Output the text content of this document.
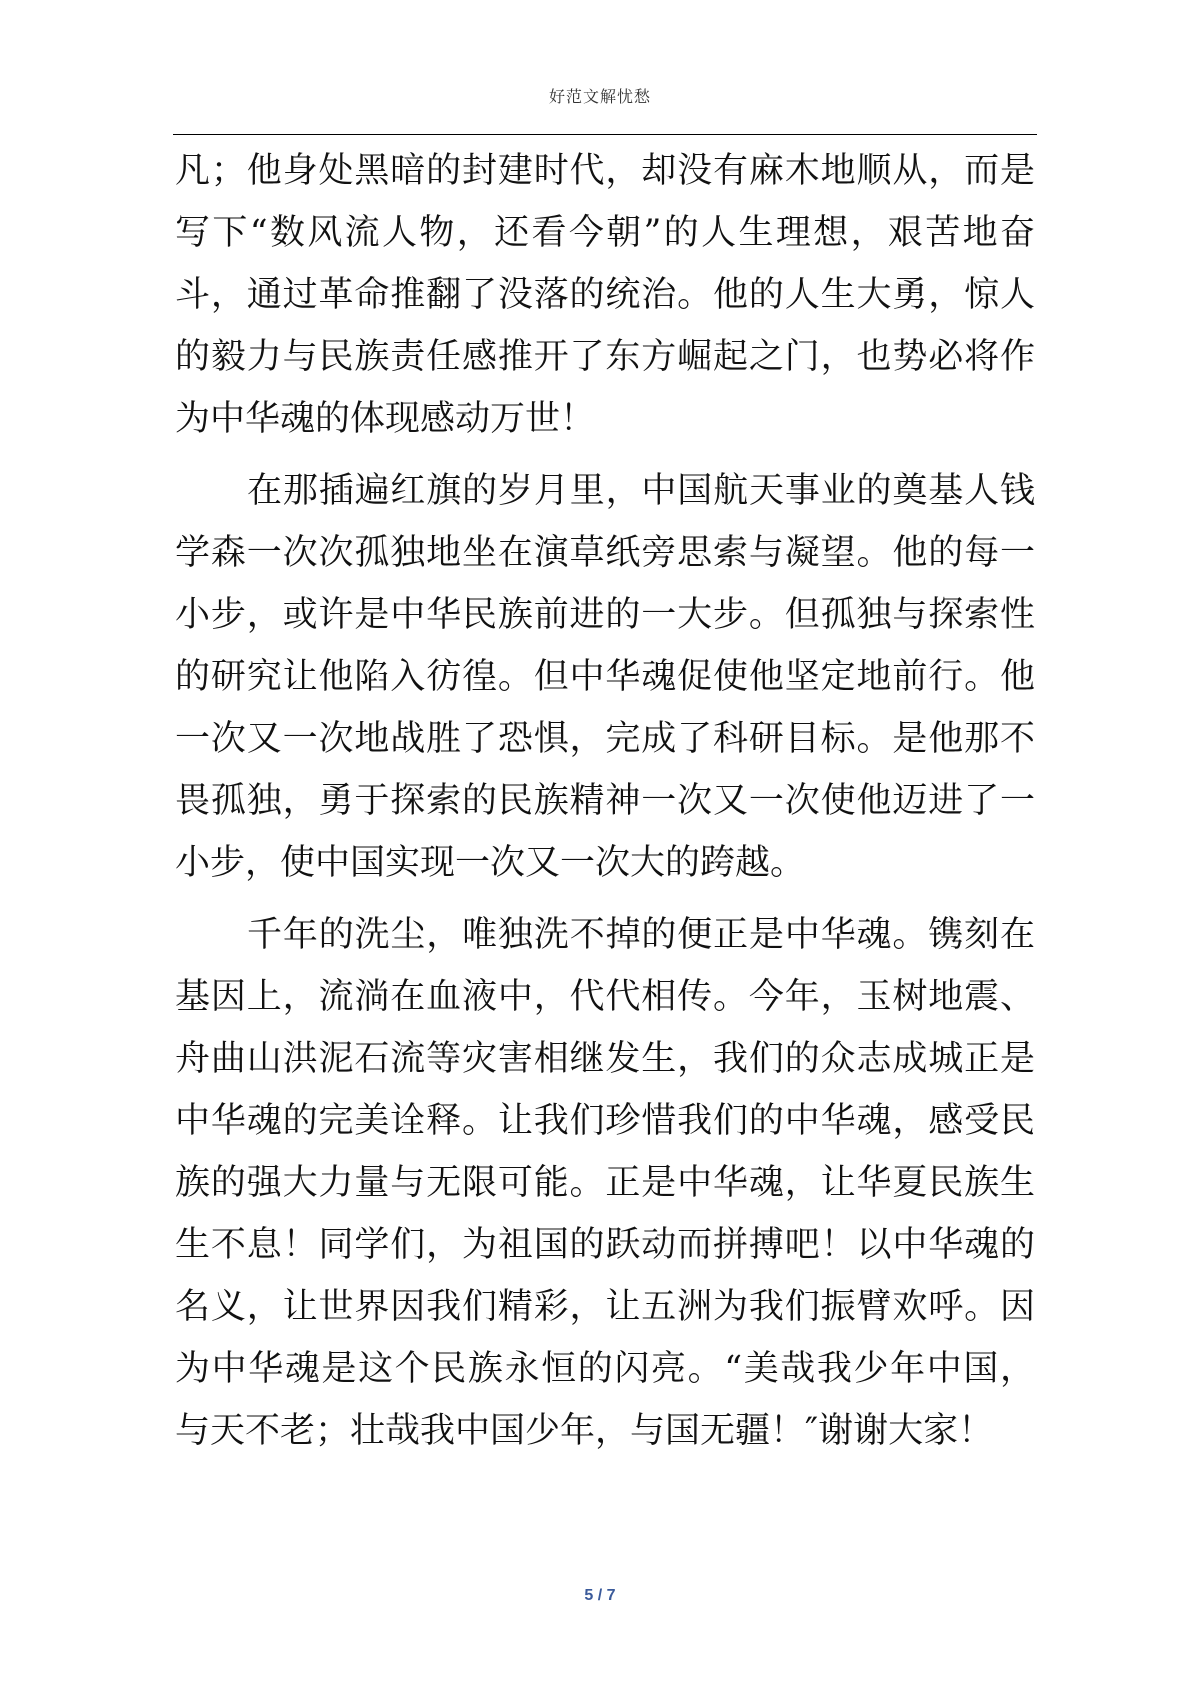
好范文解忧愁
凡；他身处黑暗的封建时代，却没有麻木地顺从，而是
写下“数风流人物，还看今朝”的人生理想，艰苦地奋
斗，通过革命推翻了没落的统治。他的人生大勇，惊人
的毅力与民族责任感推开了东方崛起之门，也势必将作
为中华魂的体现感动万世！
在那插遍红旗的岁月里，中国航天事业的奠基人钱
学森一次次孤独地坐在演草纸旁思索与凝望。他的每一
小步，或许是中华民族前进的一大步。但孤独与探索性
的研究让他陷入彷徨。但中华魂促使他坚定地前行。他
一次又一次地战胜了恐惧，完成了科研目标。是他那不
畏孤独，勇于探索的民族精神一次又一次使他迈进了一
小步，使中国实现一次又一次大的跨越。
千年的洗尘，唯独洗不掉的便正是中华魂。镌刻在
基因上，流淌在血液中，代代相传。今年，玉树地震、
舟曲山洪泥石流等灾害相继发生，我们的众志成城正是
中华魂的完美诠释。让我们珍惜我们的中华魂，感受民
族的强大力量与无限可能。正是中华魂，让华夏民族生
生不息！同学们，为祖国的跃动而拼搏吧！以中华魂的
名义，让世界因我们精彩，让五洲为我们振臂欢呼。因
为中华魂是这个民族永恒的闪亮。“美哉我少年中国，
与天不老；壮哉我中国少年，与国无疆！″谢谢大家！
5 / 7
